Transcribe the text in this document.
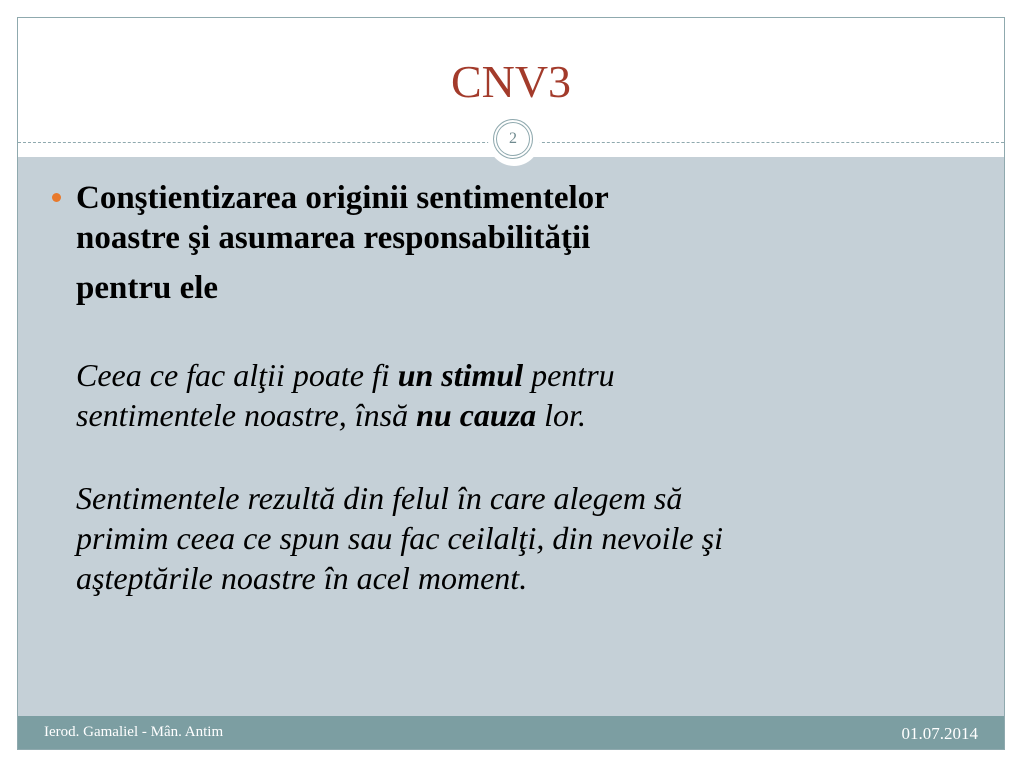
CNV3
2

Conştientizarea originii sentimentelor

noastre şi asumarea responsabilităţii

pentru ele

Ceea ce fac alţii poate fi un stimul pentru
sentimentele noastre, însă nu cauza lor.
Sentimentele rezultă din felul în care alegem să
primim ceea ce spun sau fac ceilalţi, din nevoile şi
aşteptările noastre în acel moment.
Ierod. Gamaliel - Mân. Antim	01.07.2014
